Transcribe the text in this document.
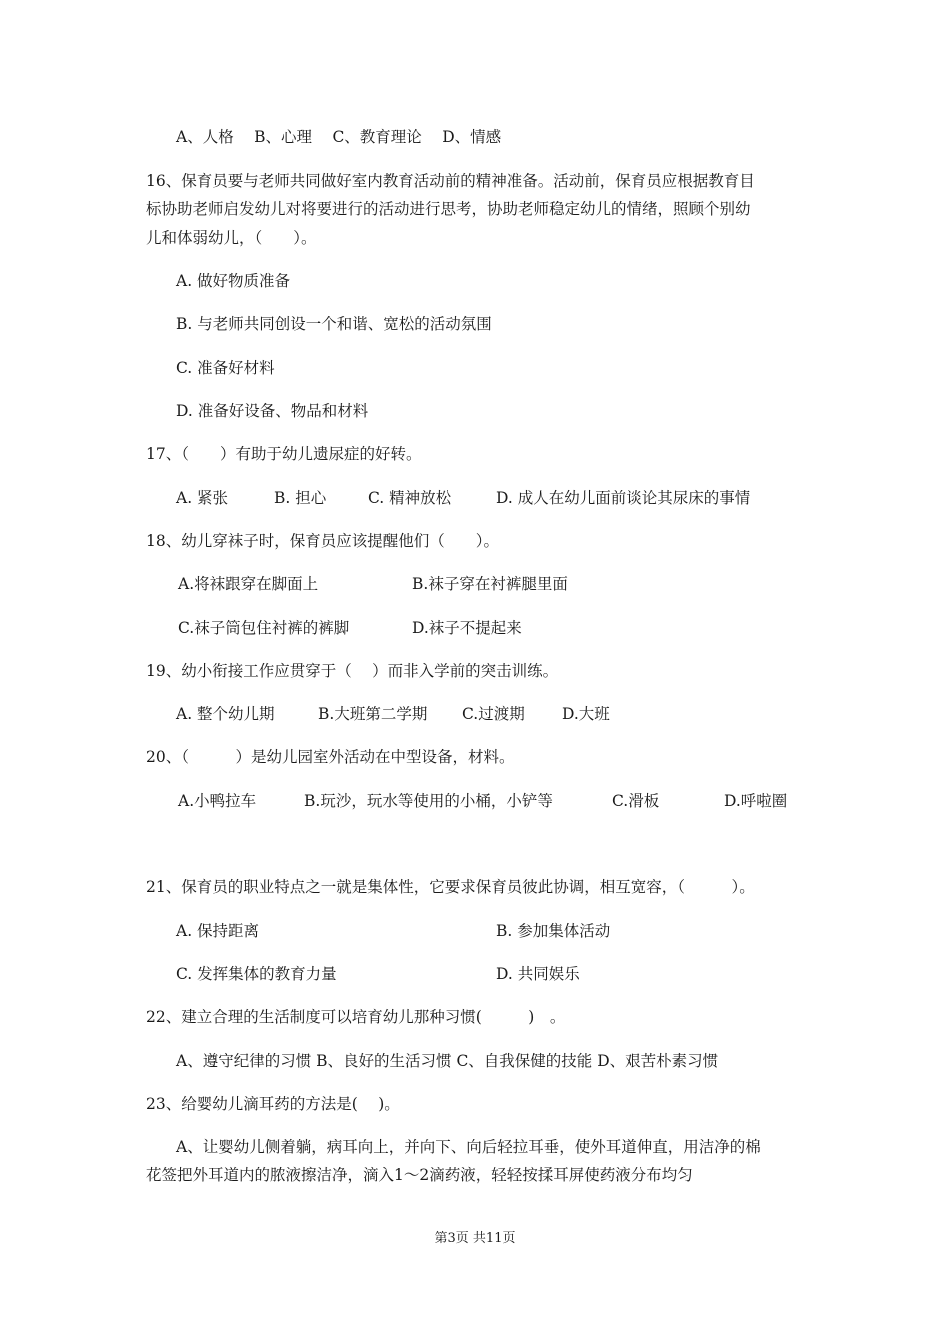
A、人格　 B、心理　 C、教育理论　 D、情感
16、保育员要与老师共同做好室内教育活动前的精神准备。活动前，保育员应根据教育目
标协助老师启发幼儿对将要进行的活动进行思考，协助老师稳定幼儿的情绪，照顾个别幼
儿和体弱幼儿，（　　）。
A. 做好物质准备
B. 与老师共同创设一个和谐、宽松的活动氛围
C. 准备好材料
D. 准备好设备、物品和材料
17、（　　）有助于幼儿遗尿症的好转。
A. 紧张	B. 担心	C. 精神放松	D. 成人在幼儿面前谈论其尿床的事情
18、幼儿穿袜子时，保育员应该提醒他们（　　）。
A.将袜跟穿在脚面上	B.袜子穿在衬裤腿里面
C.袜子筒包住衬裤的裤脚	D.袜子不提起来
19、幼小衔接工作应贯穿于（　 ）而非入学前的突击训练。
A. 整个幼儿期	B.大班第二学期 C.过渡期 D.大班
20、（　　　）是幼儿园室外活动在中型设备，材料。
A.小鸭拉车	B.玩沙，玩水等使用的小桶，小铲等	C.滑板	D.呼啦圈
21、保育员的职业特点之一就是集体性，它要求保育员彼此协调，相互宽容，（　　　）。
A. 保持距离	B. 参加集体活动
C. 发挥集体的教育力量	D. 共同娱乐
22、建立合理的生活制度可以培育幼儿那种习惯(　　　)　。
A、遵守纪律的习惯 B、良好的生活习惯 C、自我保健的技能 D、艰苦朴素习惯
23、给婴幼儿滴耳药的方法是(　 )。
A、让婴幼儿侧着躺，病耳向上，并向下、向后轻拉耳垂，使外耳道伸直，用洁净的棉
花签把外耳道内的脓液擦洁净，滴入1～2滴药液，轻轻按揉耳屏使药液分布均匀
第3页 共11页
